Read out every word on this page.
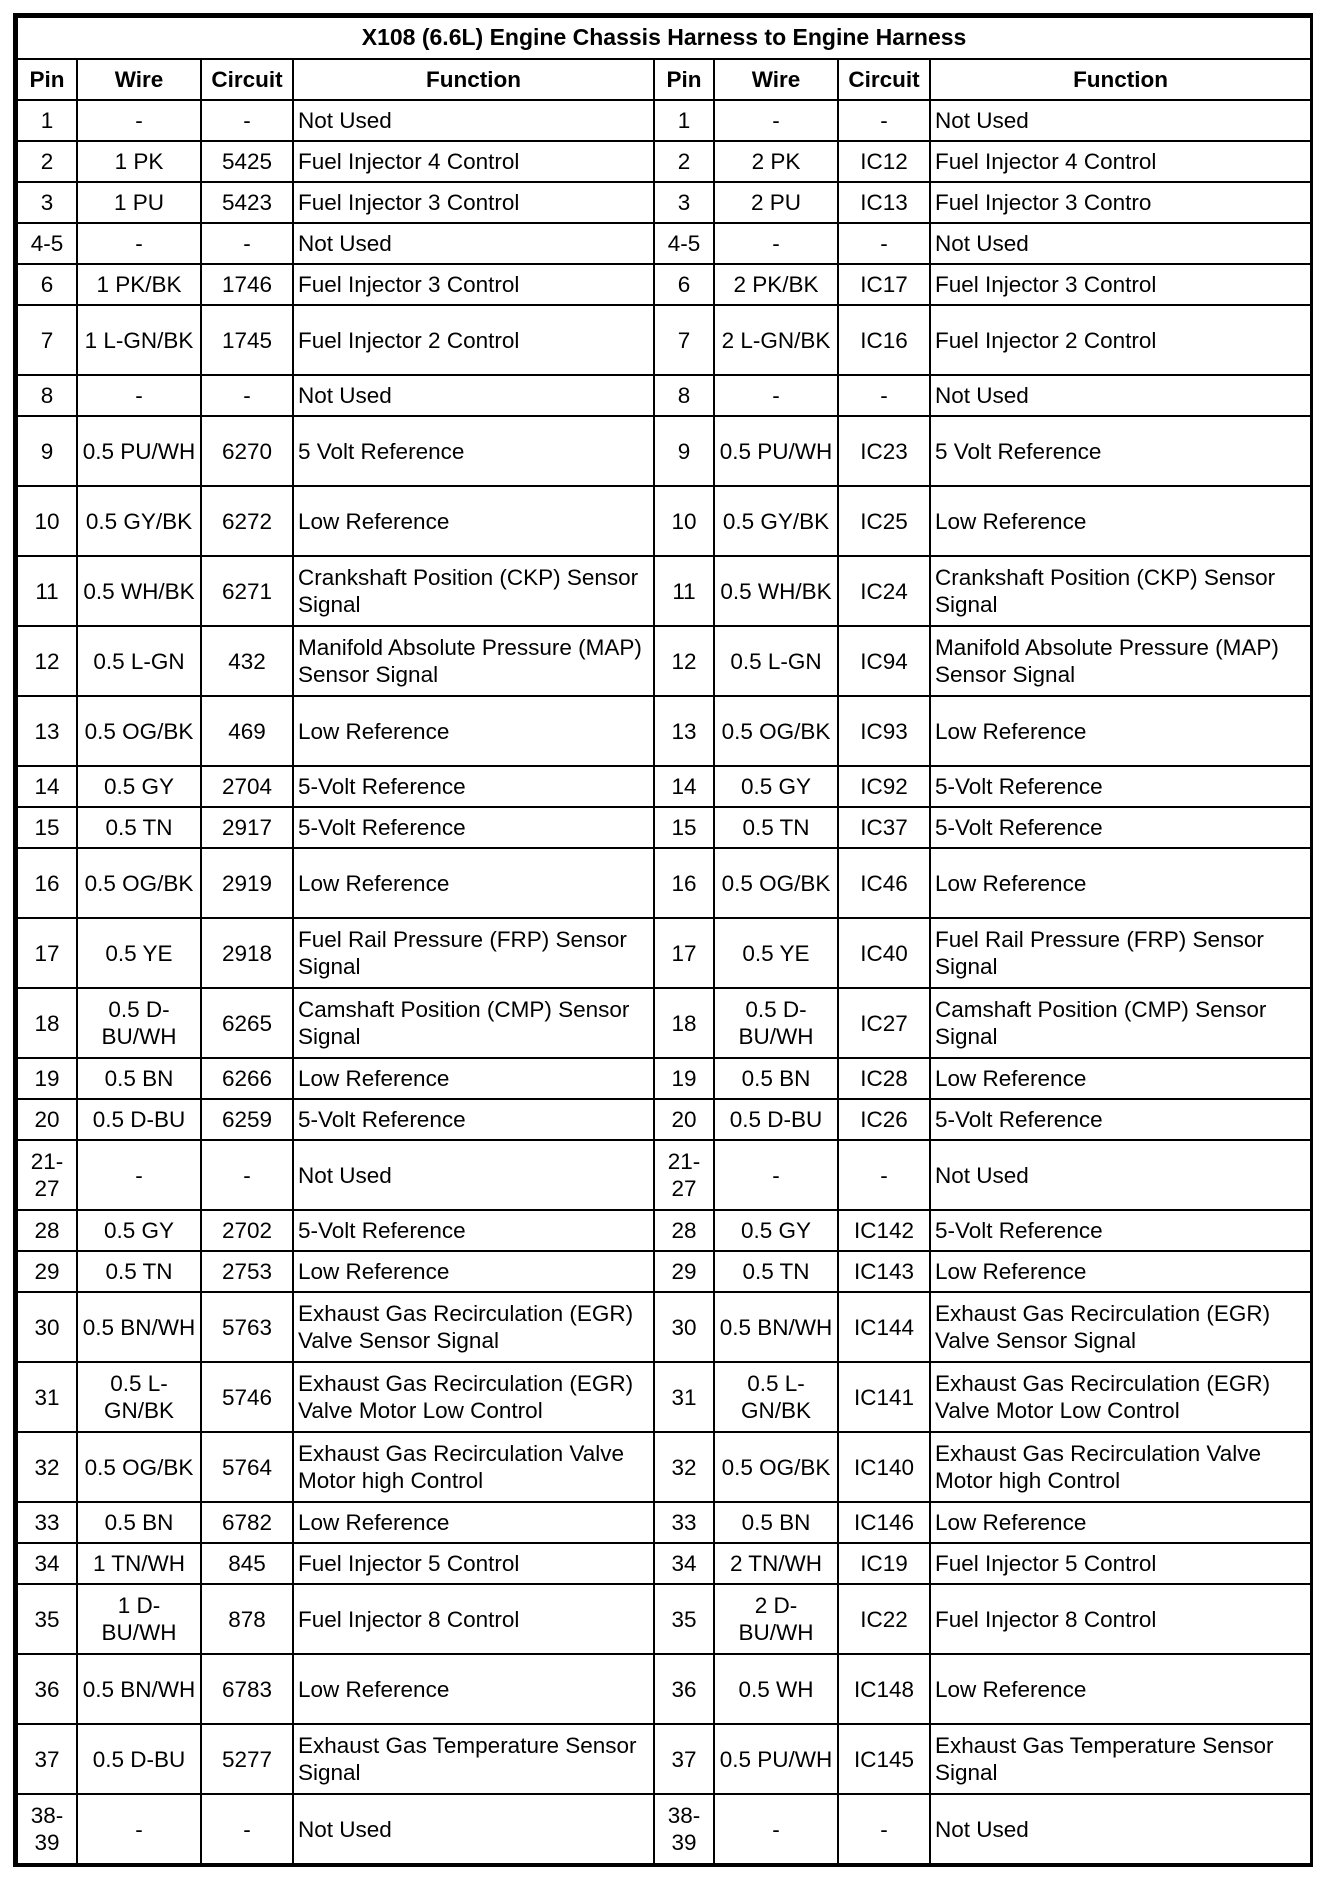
X108 (6.6L) Engine Chassis Harness to Engine Harness							
Pin	Wire	Circuit	Function	Pin	Wire	Circuit	Function
1	-	-	Not Used	1	-	-	Not Used
2	1 PK	5425	Fuel Injector 4 Control	2	2 PK	IC12	Fuel Injector 4 Control
3	1 PU	5423	Fuel Injector 3 Control	3	2 PU	IC13	Fuel Injector 3 Contro
4-5	-	-	Not Used	4-5	-	-	Not Used
6	1 PK/BK	1746	Fuel Injector 3 Control	6	2 PK/BK	IC17	Fuel Injector 3 Control
7	1 L-GN/BK	1745	Fuel Injector 2 Control	7	2 L-GN/BK	IC16	Fuel Injector 2 Control
8	-	-	Not Used	8	-	-	Not Used
9	0.5 PU/WH	6270	5 Volt Reference	9	0.5 PU/WH	IC23	5 Volt Reference
10	0.5 GY/BK	6272	Low Reference	10	0.5 GY/BK	IC25	Low Reference
11	0.5 WH/BK	6271	Crankshaft Position (CKP) Sensor Signal	11	0.5 WH/BK	IC24	Crankshaft Position (CKP) Sensor Signal
12	0.5 L-GN	432	Manifold Absolute Pressure (MAP) Sensor Signal	12	0.5 L-GN	IC94	Manifold Absolute Pressure (MAP) Sensor Signal
13	0.5 OG/BK	469	Low Reference	13	0.5 OG/BK	IC93	Low Reference
14	0.5 GY	2704	5-Volt Reference	14	0.5 GY	IC92	5-Volt Reference
15	0.5 TN	2917	5-Volt Reference	15	0.5 TN	IC37	5-Volt Reference
16	0.5 OG/BK	2919	Low Reference	16	0.5 OG/BK	IC46	Low Reference
17	0.5 YE	2918	Fuel Rail Pressure (FRP) Sensor Signal	17	0.5 YE	IC40	Fuel Rail Pressure (FRP) Sensor Signal
18	0.5 D-BU/WH	6265	Camshaft Position (CMP) Sensor Signal	18	0.5 D-BU/WH	IC27	Camshaft Position (CMP) Sensor Signal
19	0.5 BN	6266	Low Reference	19	0.5 BN	IC28	Low Reference
20	0.5 D-BU	6259	5-Volt Reference	20	0.5 D-BU	IC26	5-Volt Reference
21-27	-	-	Not Used	21-27	-	-	Not Used
28	0.5 GY	2702	5-Volt Reference	28	0.5 GY	IC142	5-Volt Reference
29	0.5 TN	2753	Low Reference	29	0.5 TN	IC143	Low Reference
30	0.5 BN/WH	5763	Exhaust Gas Recirculation (EGR) Valve Sensor Signal	30	0.5 BN/WH	IC144	Exhaust Gas Recirculation (EGR) Valve Sensor Signal
31	0.5 L-GN/BK	5746	Exhaust Gas Recirculation (EGR) Valve Motor Low Control	31	0.5 L-GN/BK	IC141	Exhaust Gas Recirculation (EGR) Valve Motor Low Control
32	0.5 OG/BK	5764	Exhaust Gas Recirculation Valve Motor high Control	32	0.5 OG/BK	IC140	Exhaust Gas Recirculation Valve Motor high Control
33	0.5 BN	6782	Low Reference	33	0.5 BN	IC146	Low Reference
34	1 TN/WH	845	Fuel Injector 5 Control	34	2 TN/WH	IC19	Fuel Injector 5 Control
35	1 D-BU/WH	878	Fuel Injector 8 Control	35	2 D-BU/WH	IC22	Fuel Injector 8 Control
36	0.5 BN/WH	6783	Low Reference	36	0.5 WH	IC148	Low Reference
37	0.5 D-BU	5277	Exhaust Gas Temperature Sensor Signal	37	0.5 PU/WH	IC145	Exhaust Gas Temperature Sensor Signal
38-39	-	-	Not Used	38-39	-	-	Not Used
